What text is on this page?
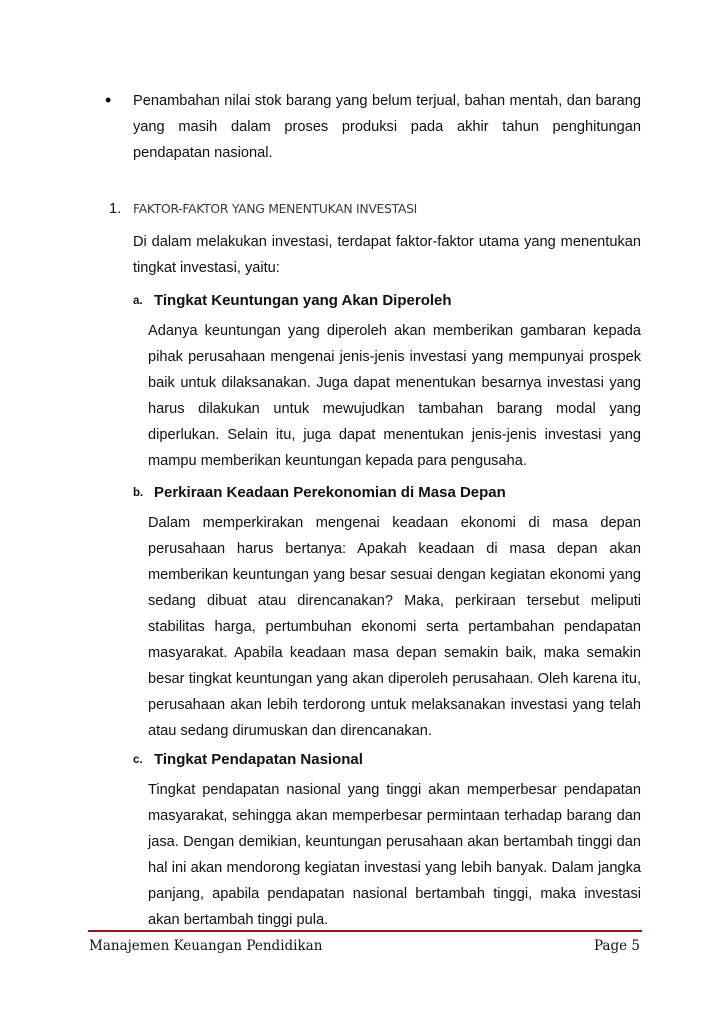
• Penambahan nilai stok barang yang belum terjual, bahan mentah, dan barang yang masih dalam proses produksi pada akhir tahun penghitungan pendapatan nasional.

1. FAKTOR-FAKTOR YANG MENENTUKAN INVESTASI

Di dalam melakukan investasi, terdapat faktor-faktor utama yang menentukan tingkat investasi, yaitu:

a. Tingkat Keuntungan yang Akan Diperoleh

Adanya keuntungan yang diperoleh akan memberikan gambaran kepada pihak perusahaan mengenai jenis-jenis investasi yang mempunyai prospek baik untuk dilaksanakan. Juga dapat menentukan besarnya investasi yang harus dilakukan untuk mewujudkan tambahan barang modal yang diperlukan. Selain itu, juga dapat menentukan jenis-jenis investasi yang mampu memberikan keuntungan kepada para pengusaha.

b. Perkiraan Keadaan Perekonomian di Masa Depan

Dalam memperkirakan mengenai keadaan ekonomi di masa depan perusahaan harus bertanya: Apakah keadaan di masa depan akan memberikan keuntungan yang besar sesuai dengan kegiatan ekonomi yang sedang dibuat atau direncanakan? Maka, perkiraan tersebut meliputi stabilitas harga, pertumbuhan ekonomi serta pertambahan pendapatan masyarakat. Apabila keadaan masa depan semakin baik, maka semakin besar tingkat keuntungan yang akan diperoleh perusahaan. Oleh karena itu, perusahaan akan lebih terdorong untuk melaksanakan investasi yang telah atau sedang dirumuskan dan direncanakan.

c. Tingkat Pendapatan Nasional

Tingkat pendapatan nasional yang tinggi akan memperbesar pendapatan masyarakat, sehingga akan memperbesar permintaan terhadap barang dan jasa. Dengan demikian, keuntungan perusahaan akan bertambah tinggi dan hal ini akan mendorong kegiatan investasi yang lebih banyak. Dalam jangka panjang, apabila pendapatan nasional bertambah tinggi, maka investasi akan bertambah tinggi pula.

Manajemen Keuangan Pendidikan	Page 5
